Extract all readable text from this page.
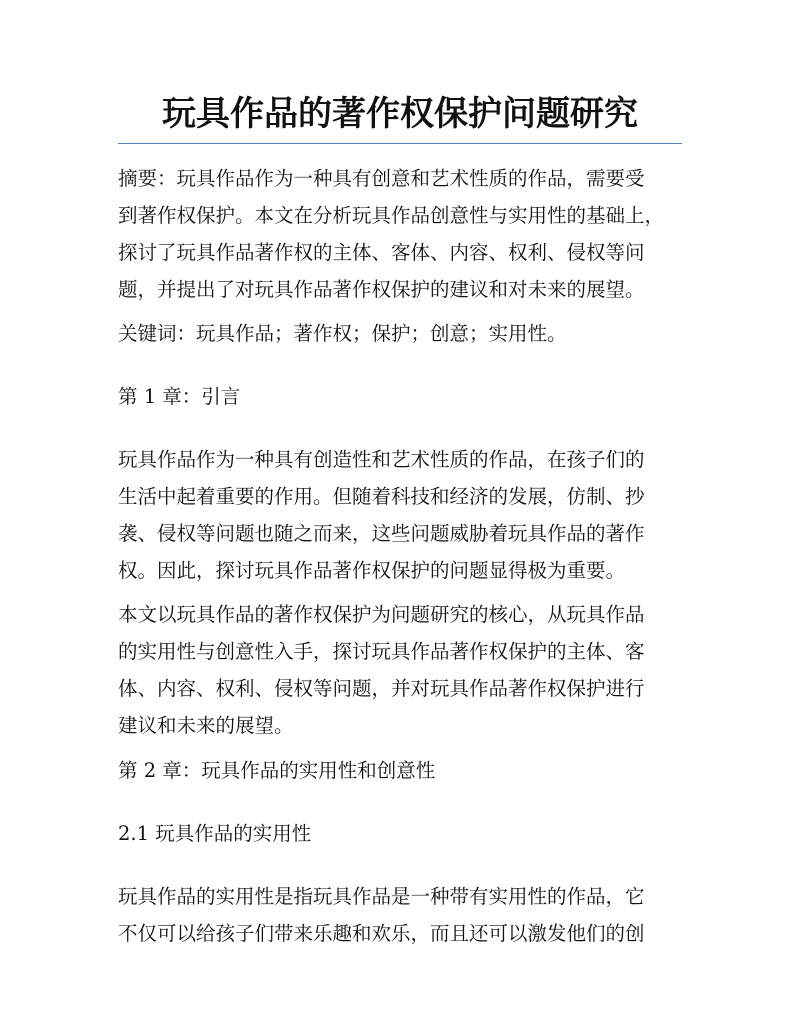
玩具作品的著作权保护问题研究
摘要：玩具作品作为一种具有创意和艺术性质的作品，需要受
到著作权保护。本文在分析玩具作品创意性与实用性的基础上，
探讨了玩具作品著作权的主体、客体、内容、权利、侵权等问
题，并提出了对玩具作品著作权保护的建议和对未来的展望。
关键词：玩具作品；著作权；保护；创意；实用性。
第 1 章：引言
玩具作品作为一种具有创造性和艺术性质的作品，在孩子们的
生活中起着重要的作用。但随着科技和经济的发展，仿制、抄
袭、侵权等问题也随之而来，这些问题威胁着玩具作品的著作
权。因此，探讨玩具作品著作权保护的问题显得极为重要。
本文以玩具作品的著作权保护为问题研究的核心，从玩具作品
的实用性与创意性入手，探讨玩具作品著作权保护的主体、客
体、内容、权利、侵权等问题，并对玩具作品著作权保护进行
建议和未来的展望。
第 2 章：玩具作品的实用性和创意性
2.1 玩具作品的实用性
玩具作品的实用性是指玩具作品是一种带有实用性的作品，它
不仅可以给孩子们带来乐趣和欢乐，而且还可以激发他们的创
